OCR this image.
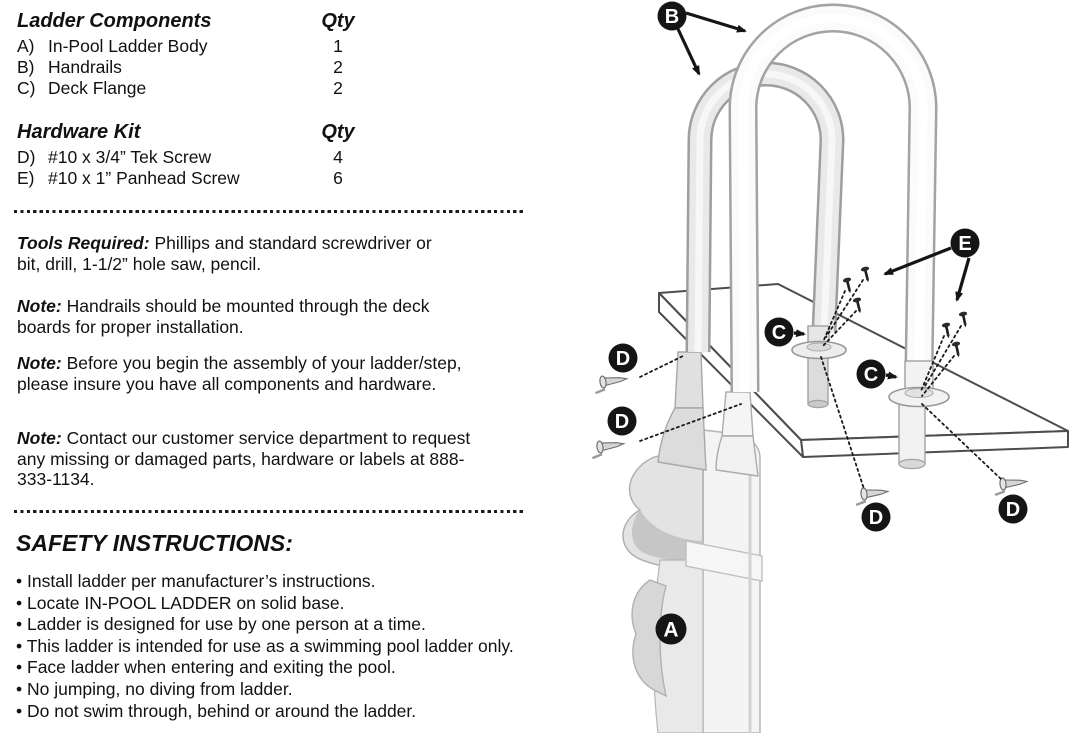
Ladder Components	Qty
A) In-Pool Ladder Body	1
B) Handrails	2
C) Deck Flange	2
Hardware Kit	Qty
D) #10 x 3/4” Tek Screw	4
E) #10 x 1” Panhead Screw	6
Tools Required: Phillips and standard screwdriver or bit, drill, 1-1/2” hole saw, pencil.
Note: Handrails should be mounted through the deck boards for proper installation.
Note: Before you begin the assembly of your ladder/step, please insure you have all components and hardware.
Note: Contact our customer service department to request any missing or damaged parts, hardware or labels at 888-333-1134.
SAFETY INSTRUCTIONS:
• Install ladder per manufacturer’s instructions.
• Locate IN-POOL LADDER on solid base.
• Ladder is designed for use by one person at a time.
• This ladder is intended for use as a swimming pool ladder only.
• Face ladder when entering and exiting the pool.
• No jumping, no diving from ladder.
• Do not swim through, behind or around the ladder.
B
E
C
C
D
D
D	D
A
